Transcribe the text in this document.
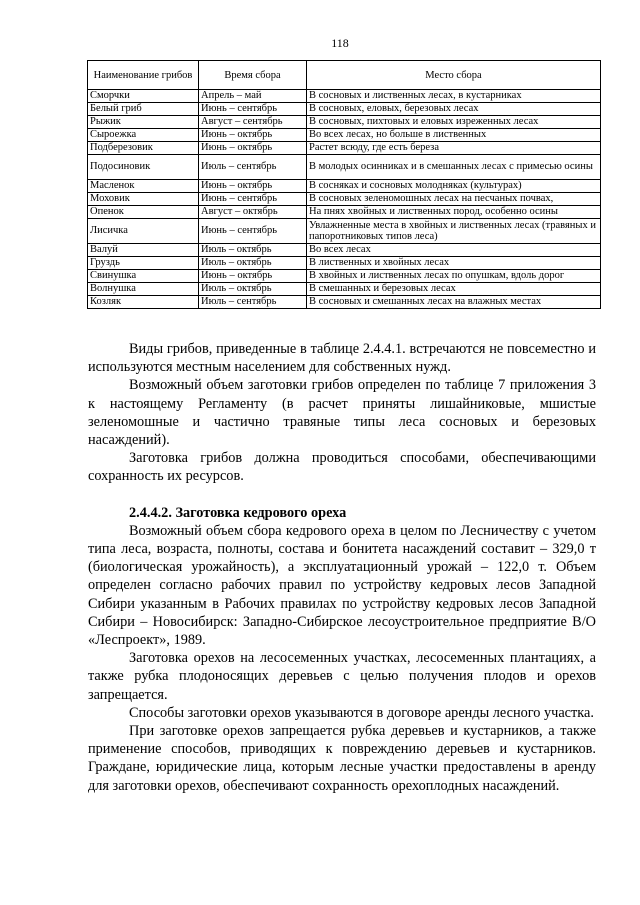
118
Наименование грибов	Время сбора	Место сбора
Сморчки	Апрель – май	В сосновых и лиственных лесах, в кустарниках
Белый гриб	Июнь – сентябрь	В сосновых, еловых, березовых лесах
Рыжик	Август – сентябрь	В сосновых, пихтовых и еловых изреженных лесах
Сыроежка	Июнь – октябрь	Во всех лесах, но больше в лиственных
Подберезовик	Июнь – октябрь	Растет всюду, где есть береза
Подосиновик	Июль – сентябрь	В молодых осинниках и в смешанных лесах с примесью осины
Масленок	Июнь – октябрь	В сосняках и сосновых молодняках (культурах)
Моховик	Июнь – сентябрь	В сосновых зеленомошных лесах на песчаных почвах,
Опенок	Август – октябрь	На пнях хвойных и лиственных пород, особенно осины
Лисичка	Июнь – сентябрь	Увлажненные места в хвойных и лиственных лесах (травяных и папоротниковых типов леса)
Валуй	Июль – октябрь	Во всех лесах
Груздь	Июль – октябрь	В лиственных и хвойных лесах
Свинушка	Июнь – октябрь	В хвойных и лиственных лесах по опушкам, вдоль дорог
Волнушка	Июль – октябрь	В смешанных и березовых лесах
Козляк	Июль – сентябрь	В сосновых и смешанных лесах на влажных местах

Виды грибов, приведенные в таблице 2.4.4.1. встречаются не повсеместно и используются местным населением для собственных нужд.

Возможный объем заготовки грибов определен по таблице 7 приложения 3 к настоящему Регламенту (в расчет приняты лишайниковые, мшистые зеленомошные и частично травяные типы леса сосновых и березовых насаждений).

Заготовка грибов должна проводиться способами, обеспечивающими сохранность их ресурсов.

2.4.4.2. Заготовка кедрового ореха

Возможный объем сбора кедрового ореха в целом по Лесничеству с учетом типа леса, возраста, полноты, состава и бонитета насаждений составит – 329,0 т (биологическая урожайность), а эксплуатационный урожай – 122,0 т. Объем определен согласно рабочих правил по устройству кедровых лесов Западной Сибири указанным в Рабочих правилах по устройству кедровых лесов Западной Сибири – Новосибирск: Западно-Сибирское лесоустроительное предприятие В/О «Леспроект», 1989.

Заготовка орехов на лесосеменных участках, лесосеменных плантациях, а также рубка плодоносящих деревьев с целью получения плодов и орехов запрещается.

Способы заготовки орехов указываются в договоре аренды лесного участка.

При заготовке орехов запрещается рубка деревьев и кустарников, а также применение способов, приводящих к повреждению деревьев и кустарников. Граждане, юридические лица, которым лесные участки предоставлены в аренду для заготовки орехов, обеспечивают сохранность орехоплодных насаждений.
